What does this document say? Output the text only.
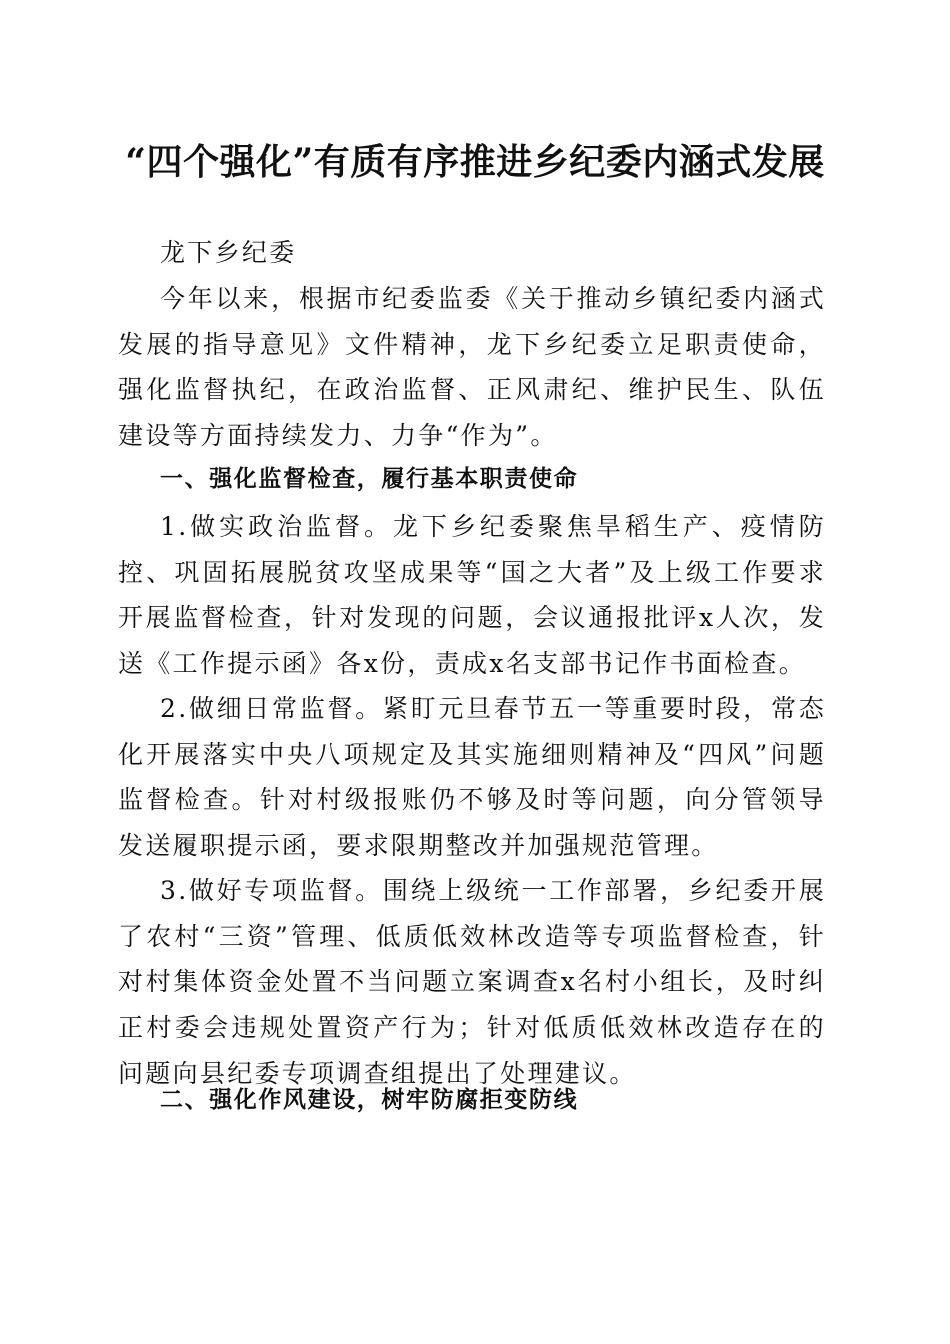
“四个强化”有质有序推进乡纪委内涵式发展
龙下乡纪委
今年以来，根据市纪委监委《关于推动乡镇纪委内涵式发展的指导意见》文件精神，龙下乡纪委立足职责使命，强化监督执纪，在政治监督、正风肃纪、维护民生、队伍建设等方面持续发力、力争“作为”。
一、强化监督检查，履行基本职责使命
1.做实政治监督。龙下乡纪委聚焦旱稻生产、疫情防控、巩固拓展脱贫攻坚成果等“国之大者”及上级工作要求开展监督检查，针对发现的问题，会议通报批评x人次，发送《工作提示函》各x份，责成x名支部书记作书面检查。
2.做细日常监督。紧盯元旦春节五一等重要时段，常态化开展落实中央八项规定及其实施细则精神及“四风”问题监督检查。针对村级报账仍不够及时等问题，向分管领导发送履职提示函，要求限期整改并加强规范管理。
3.做好专项监督。围绕上级统一工作部署，乡纪委开展了农村“三资”管理、低质低效林改造等专项监督检查，针对村集体资金处置不当问题立案调查x名村小组长，及时纠正村委会违规处置资产行为；针对低质低效林改造存在的问题向县纪委专项调查组提出了处理建议。
二、强化作风建设，树牢防腐拒变防线
